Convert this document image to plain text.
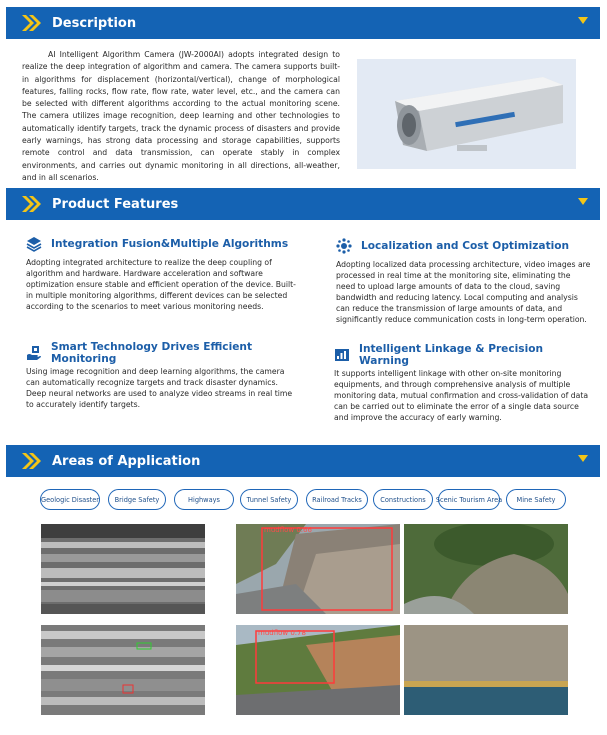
Description

AI Intelligent Algorithm Camera (JW-2000AI) adopts integrated design to realize the deep integration of algorithm and camera. The camera supports built-in algorithms for displacement (horizontal/vertical), change of morphological features, falling rocks, flow rate, flow rate, water level, etc., and the camera can be selected with different algorithms according to the actual monitoring scene. The camera utilizes image recognition, deep learning and other technologies to automatically identify targets, track the dynamic process of disasters and provide early warnings, has strong data processing and storage capabilities, supports remote control and data transmission, can operate stably in complex environments, and carries out dynamic monitoring in all directions, all-weather, and in all scenarios.

Product Features
Integration Fusion&Multiple Algorithms

Adopting integrated architecture to realize the deep coupling of algorithm and hardware. Hardware acceleration and software optimization ensure stable and efficient operation of the device. Built-in multiple monitoring algorithms, different devices can be selected according to the scenarios to meet various monitoring needs.

Smart Technology Drives Efficient Monitoring

Using image recognition and deep learning algorithms, the camera can automatically recognize targets and track disaster dynamics. Deep neural networks are used to analyze video streams in real time to accurately identify targets.

Localization and Cost Optimization

Adopting localized data processing architecture, video images are processed in real time at the monitoring site, eliminating the need to upload large amounts of data to the cloud, saving bandwidth and reducing latency. Local computing and analysis can reduce the transmission of large amounts of data, and significantly reduce communication costs in long-term operation.

Intelligent Linkage & Precision Warning

It supports intelligent linkage with other on-site monitoring equipments, and through comprehensive analysis of multiple monitoring data, mutual confirmation and cross-validation of data can be carried out to eliminate the error of a single data source and improve the accuracy of early warning.

Areas of Application
Geologic Disaster	Bridge Safety	Highways	Tunnel Safety	Railroad Tracks	Constructions	Scenic Tourism Area	Mine Safety
mudflow 0.66
mudflow 0.78
